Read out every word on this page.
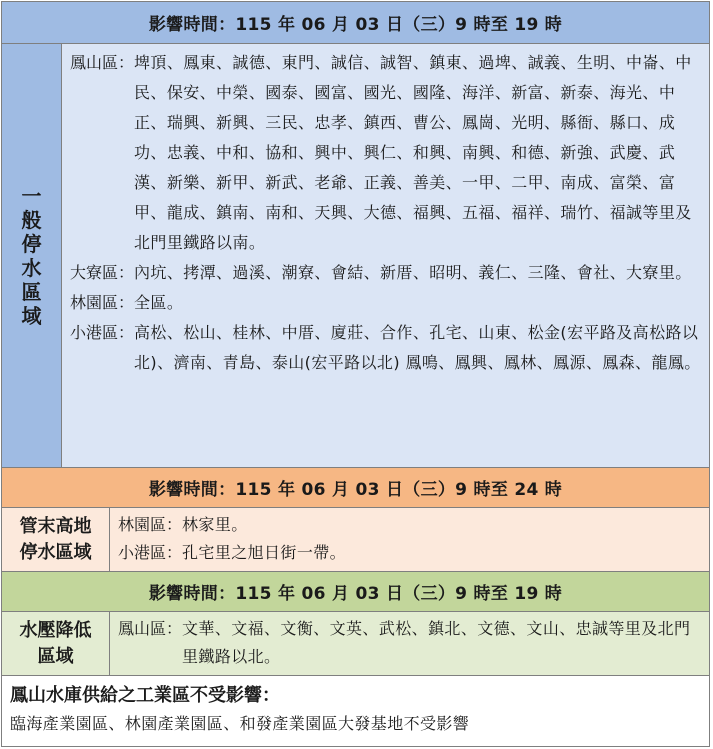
影響時間：115 年 06 月 03 日（三）9 時至 19 時
一
般
停
水
區
域
鳳山區 ： 埤頂、鳳東、誠德、東門、誠信、誠智、鎮東、過埤、誠義、生明、中崙、中民、保安、中榮、國泰、國富、國光、國隆、海洋、新富、新泰、海光、中正、瑞興、新興、三民、忠孝、鎮西、曹公、鳳崗、光明、縣衙、縣口、成功、忠義、中和、協和、興中、興仁、和興、南興、和德、新強、武慶、武漢、新樂、新甲、新武、老爺、正義、善美、一甲、二甲、南成、富榮、富甲、龍成、鎮南、南和、天興、大德、福興、五福、福祥、瑞竹、福誠等里及北門里鐵路以南。
大寮區 ： 內坑、拷潭、過溪、潮寮、會結、新厝、昭明、義仁、三隆、會社、大寮里。
林園區 ： 全區。
小港區 ： 高松、松山、桂林、中厝、廈莊、合作、孔宅、山東、松金(宏平路及高松路以北)、濟南、青島、泰山(宏平路以北) 鳳鳴、鳳興、鳳林、鳳源、鳳森、龍鳳。
影響時間：115 年 06 月 03 日（三）9 時至 24 時
管末高地
停水區域
林園區 ： 林家里。
小港區 ： 孔宅里之旭日街一帶。
影響時間：115 年 06 月 03 日（三）9 時至 19 時
水壓降低
區域
鳳山區 ： 文華、文福、文衡、文英、武松、鎮北、文德、文山、忠誠等里及北門里鐵路以北。
鳳山水庫供給之工業區不受影響：
臨海產業園區、林園產業園區、和發產業園區大發基地不受影響
